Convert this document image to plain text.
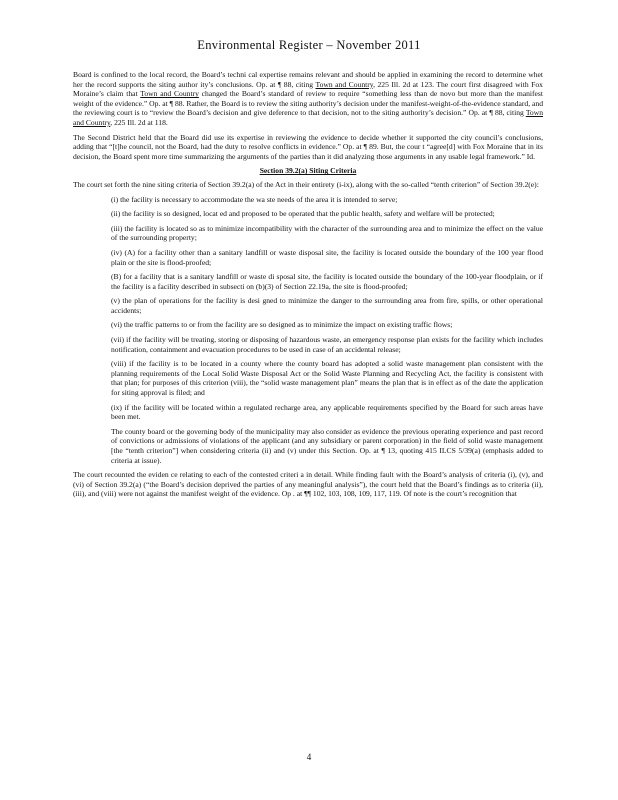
Environmental Register – November 2011

Board is confined to the local record, the Board’s techni cal expertise remains relevant and should be applied in examining the record to determine whet her the record supports the siting author ity’s conclusions. Op. at ¶ 88, citing Town and Country, 225 Ill. 2d at 123. The court first disagreed with Fox Moraine’s claim that Town and Country changed the Board’s standard of review to require “something less than de novo but more than the manifest weight of the evidence.” Op. at ¶ 88. Rather, the Board is to review the siting authority’s decision under the manifest-weight-of-the-evidence standard, and the reviewing court is to “review the Board’s decision and give deference to that decision, not to the siting authority’s decision.” Op. at ¶ 88, citing Town and Country, 225 Ill. 2d at 118.

The Second District held that the Board did use its expertise in reviewing the evidence to decide whether it supported the city council’s conclusions, adding that “[t]he council, not the Board, had the duty to resolve conflicts in evidence.” Op. at ¶ 89. But, the cour t “agree[d] with Fox Moraine that in its decision, the Board spent more time summarizing the arguments of the parties than it did analyzing those arguments in any usable legal framework.” Id.

Section 39.2(a) Siting Criteria

The court set forth the nine siting criteria of Section 39.2(a) of the Act in their entirety (i-ix), along with the so-called “tenth criterion” of Section 39.2(e):

(i) the facility is necessary to accommodate the wa ste needs of the area it is intended to serve;

(ii) the facility is so designed, locat ed and proposed to be operated that the public health, safety and welfare will be protected;

(iii) the facility is located so as to minimize incompatibility with the character of the surrounding area and to minimize the effect on the value of the surrounding property;

(iv) (A) for a facility other than a sanitary landfill or waste disposal site, the facility is located outside the boundary of the 100 year flood plain or the site is flood-proofed;

(B) for a facility that is a sanitary landfill or waste di sposal site, the facility is located outside the boundary of the 100-year floodplain, or if the facility is a facility described in subsecti on (b)(3) of Section 22.19a, the site is flood-proofed;

(v) the plan of operations for the facility is desi gned to minimize the danger to the surrounding area from fire, spills, or other operational accidents;

(vi) the traffic patterns to or from the facility are so designed as to minimize the impact on existing traffic flows;

(vii) if the facility will be treating, storing or disposing of hazardous waste, an emergency response plan exists for the facility which includes notification, containment and evacuation procedures to be used in case of an accidental release;

(viii) if the facility is to be located in a county where the county board has adopted a solid waste management plan consistent with the planning requirements of the Local Solid Waste Disposal Act or the Solid Waste Planning and Recycling Act, the facility is consistent with that plan; for purposes of this criterion (viii), the “solid waste management plan” means the plan that is in effect as of the date the application for siting approval is filed; and

(ix) if the facility will be located within a regulated recharge area, any applicable requirements specified by the Board for such areas have been met.

The county board or the governing body of the municipality may also consider as evidence the previous operating experience and past record of convictions or admissions of violations of the applicant (and any subsidiary or parent corporation) in the field of solid waste management [the “tenth criterion”] when considering criteria (ii) and (v) under this Section. Op. at ¶ 13, quoting 415 ILCS 5/39(a) (emphasis added to criteria at issue).

The court recounted the eviden ce relating to each of the contested criteri a in detail. While finding fault with the Board’s analysis of criteria (i), (v), and (vi) of Section 39.2(a) (“the Board’s decision deprived the parties of any meaningful analysis”), the court held that the Board’s findings as to criteria (ii), (iii), and (viii) were not against the manifest weight of the evidence. Op . at ¶¶ 102, 103, 108, 109, 117, 119. Of note is the court’s recognition that

4
